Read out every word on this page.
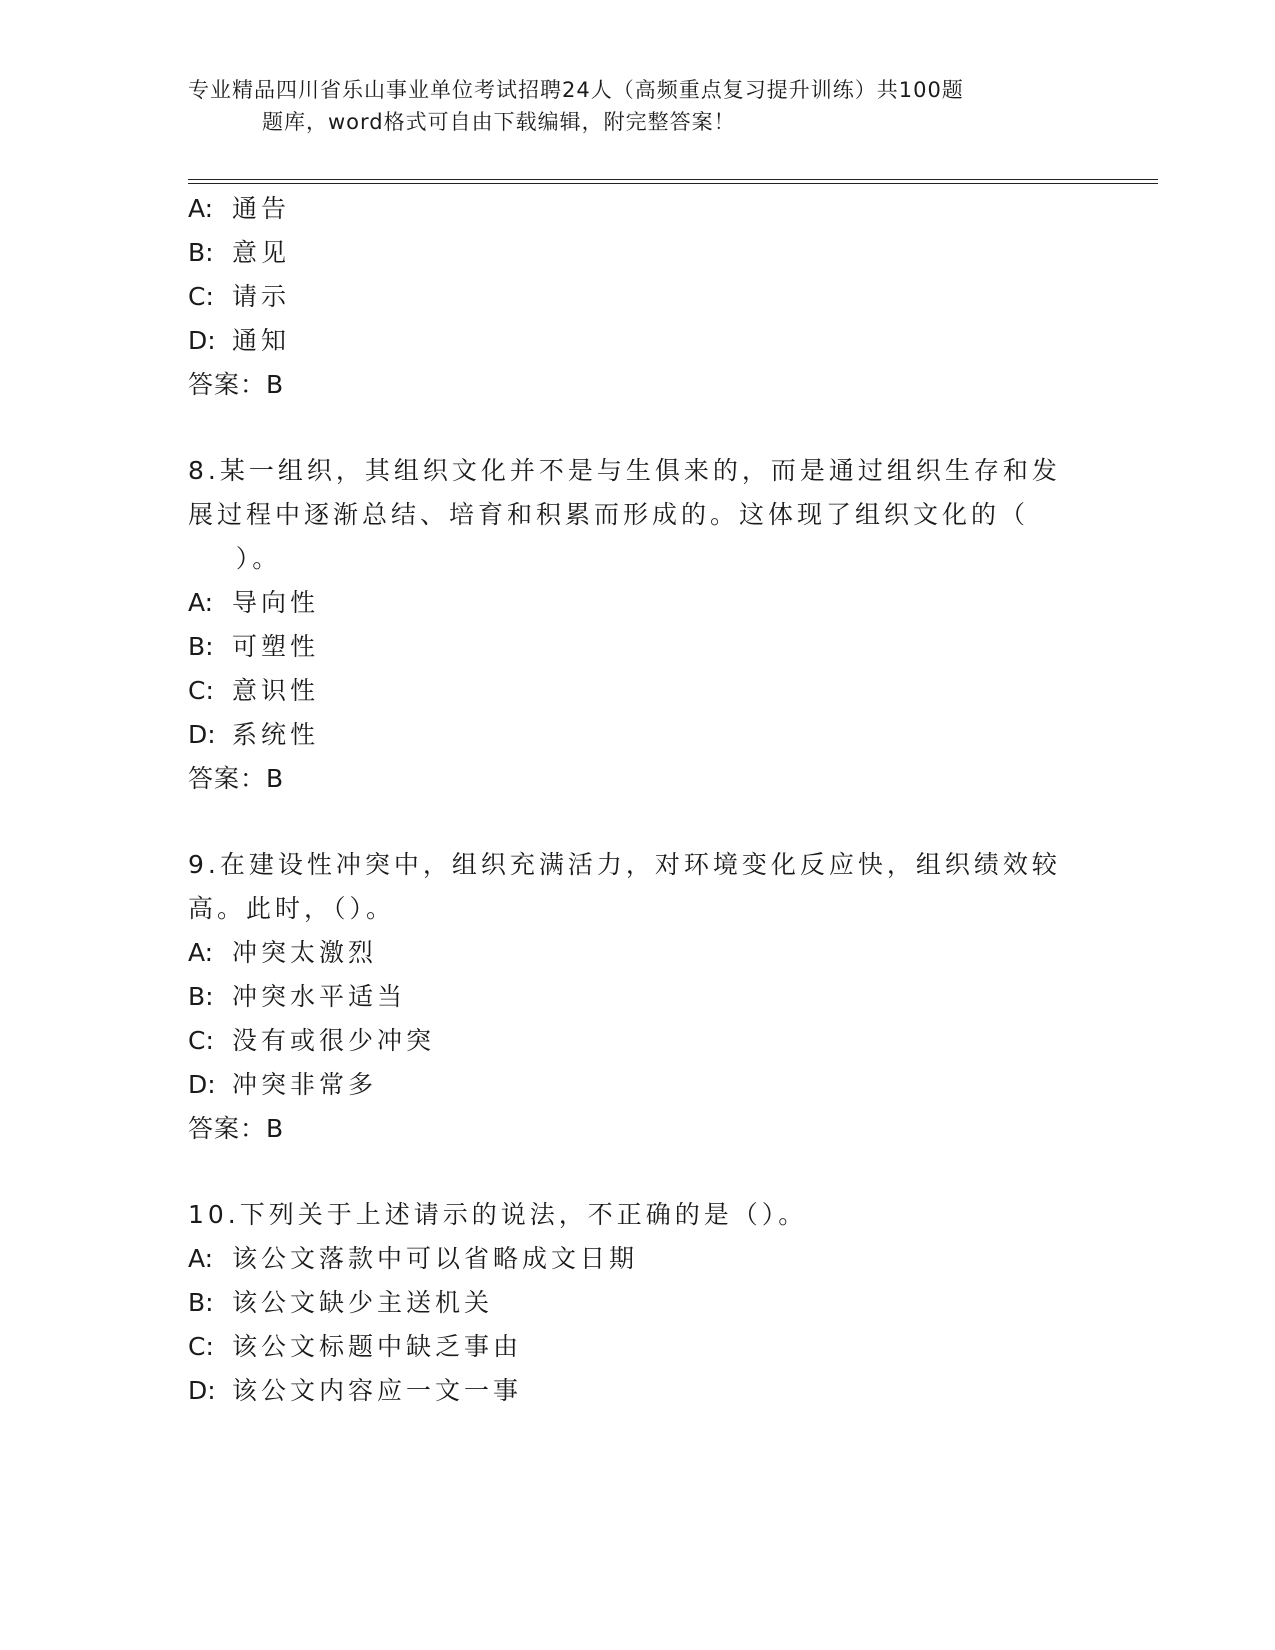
专业精品四川省乐山事业单位考试招聘24人（高频重点复习提升训练）共100题
题库，word格式可自由下载编辑，附完整答案！
A: 通告
B: 意见
C: 请示
D: 通知
答案：B
8.某一组织，其组织文化并不是与生俱来的，而是通过组织生存和发
展过程中逐渐总结、培育和积累而形成的。这体现了组织文化的（
）。
A: 导向性
B: 可塑性
C: 意识性
D: 系统性
答案：B
9.在建设性冲突中，组织充满活力，对环境变化反应快，组织绩效较
高。此时，（）。
A: 冲突太激烈
B: 冲突水平适当
C: 没有或很少冲突
D: 冲突非常多
答案：B
10.下列关于上述请示的说法，不正确的是（）。
A: 该公文落款中可以省略成文日期
B: 该公文缺少主送机关
C: 该公文标题中缺乏事由
D: 该公文内容应一文一事
